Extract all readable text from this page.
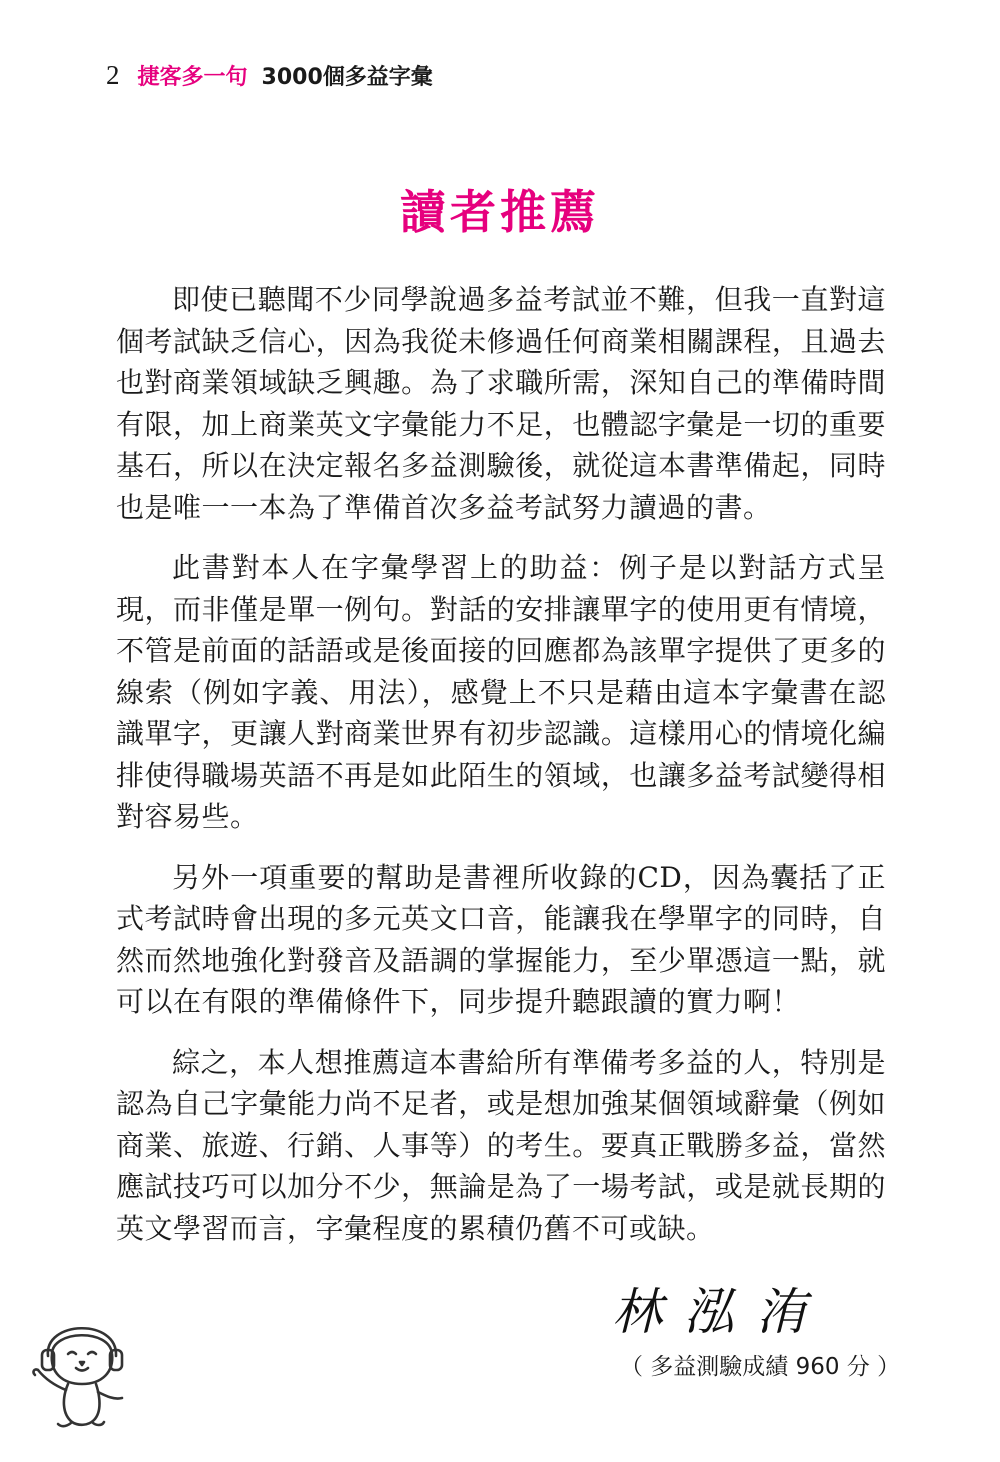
2 捷客多一句 3000個多益字彙
讀者推薦

即使已聽聞不少同學說過多益考試並不難，但我一直對這個考試缺乏信心，因為我從未修過任何商業相關課程，且過去也對商業領域缺乏興趣。為了求職所需，深知自己的準備時間有限，加上商業英文字彙能力不足，也體認字彙是一切的重要基石，所以在決定報名多益測驗後，就從這本書準備起，同時也是唯一一本為了準備首次多益考試努力讀過的書。

此書對本人在字彙學習上的助益：例子是以對話方式呈現，而非僅是單一例句。對話的安排讓單字的使用更有情境，不管是前面的話語或是後面接的回應都為該單字提供了更多的線索（例如字義、用法），感覺上不只是藉由這本字彙書在認識單字，更讓人對商業世界有初步認識。這樣用心的情境化編排使得職場英語不再是如此陌生的領域，也讓多益考試變得相對容易些。

另外一項重要的幫助是書裡所收錄的CD，因為囊括了正式考試時會出現的多元英文口音，能讓我在學單字的同時，自然而然地強化對發音及語調的掌握能力，至少單憑這一點，就可以在有限的準備條件下，同步提升聽跟讀的實力啊！

綜之，本人想推薦這本書給所有準備考多益的人，特別是認為自己字彙能力尚不足者，或是想加強某個領域辭彙（例如商業、旅遊、行銷、人事等）的考生。要真正戰勝多益，當然應試技巧可以加分不少，無論是為了一場考試，或是就長期的英文學習而言，字彙程度的累積仍舊不可或缺。

林泓洧
（ 多益測驗成績 960 分 ）
